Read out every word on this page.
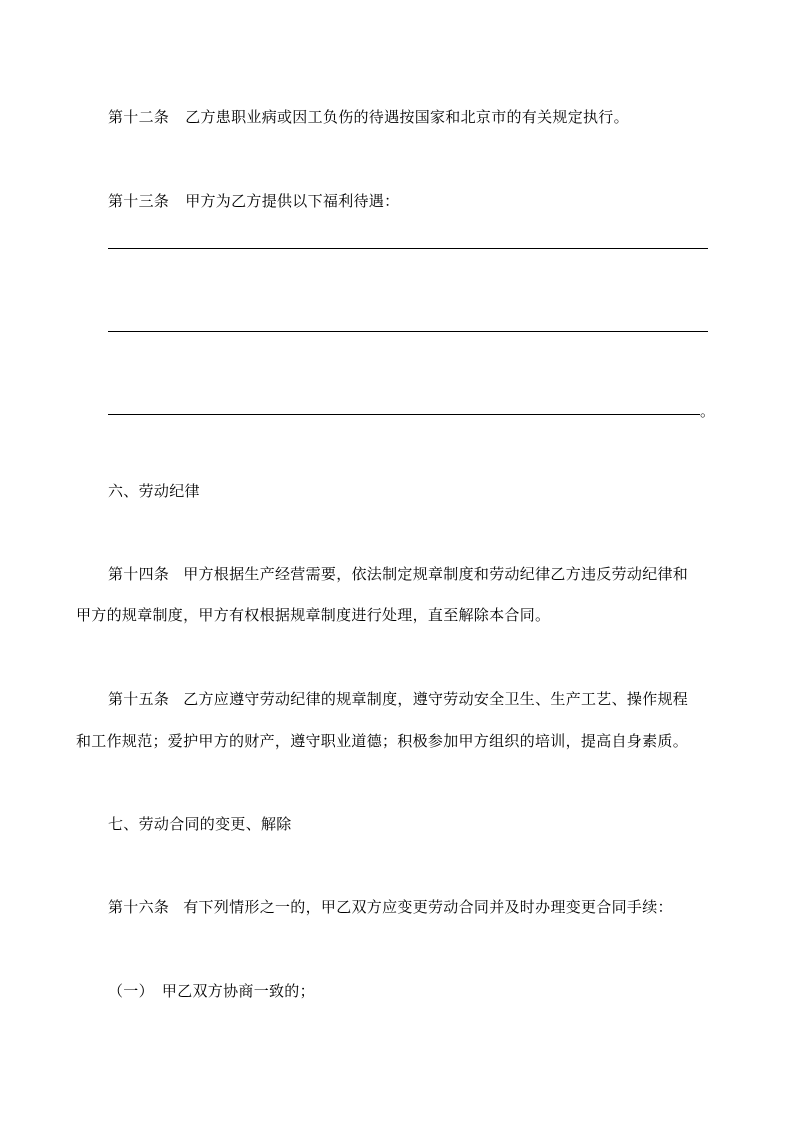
第十二条 乙方患职业病或因工负伤的待遇按国家和北京市的有关规定执行。
第十三条 甲方为乙方提供以下福利待遇：
。
六、劳动纪律
第十四条 甲方根据生产经营需要，依法制定规章制度和劳动纪律乙方违反劳动纪律和
甲方的规章制度，甲方有权根据规章制度进行处理，直至解除本合同。
第十五条 乙方应遵守劳动纪律的规章制度，遵守劳动安全卫生、生产工艺、操作规程
和工作规范；爱护甲方的财产，遵守职业道德；积极参加甲方组织的培训，提高自身素质。
七、劳动合同的变更、解除
第十六条 有下列情形之一的，甲乙双方应变更劳动合同并及时办理变更合同手续：
（一） 甲乙双方协商一致的；
